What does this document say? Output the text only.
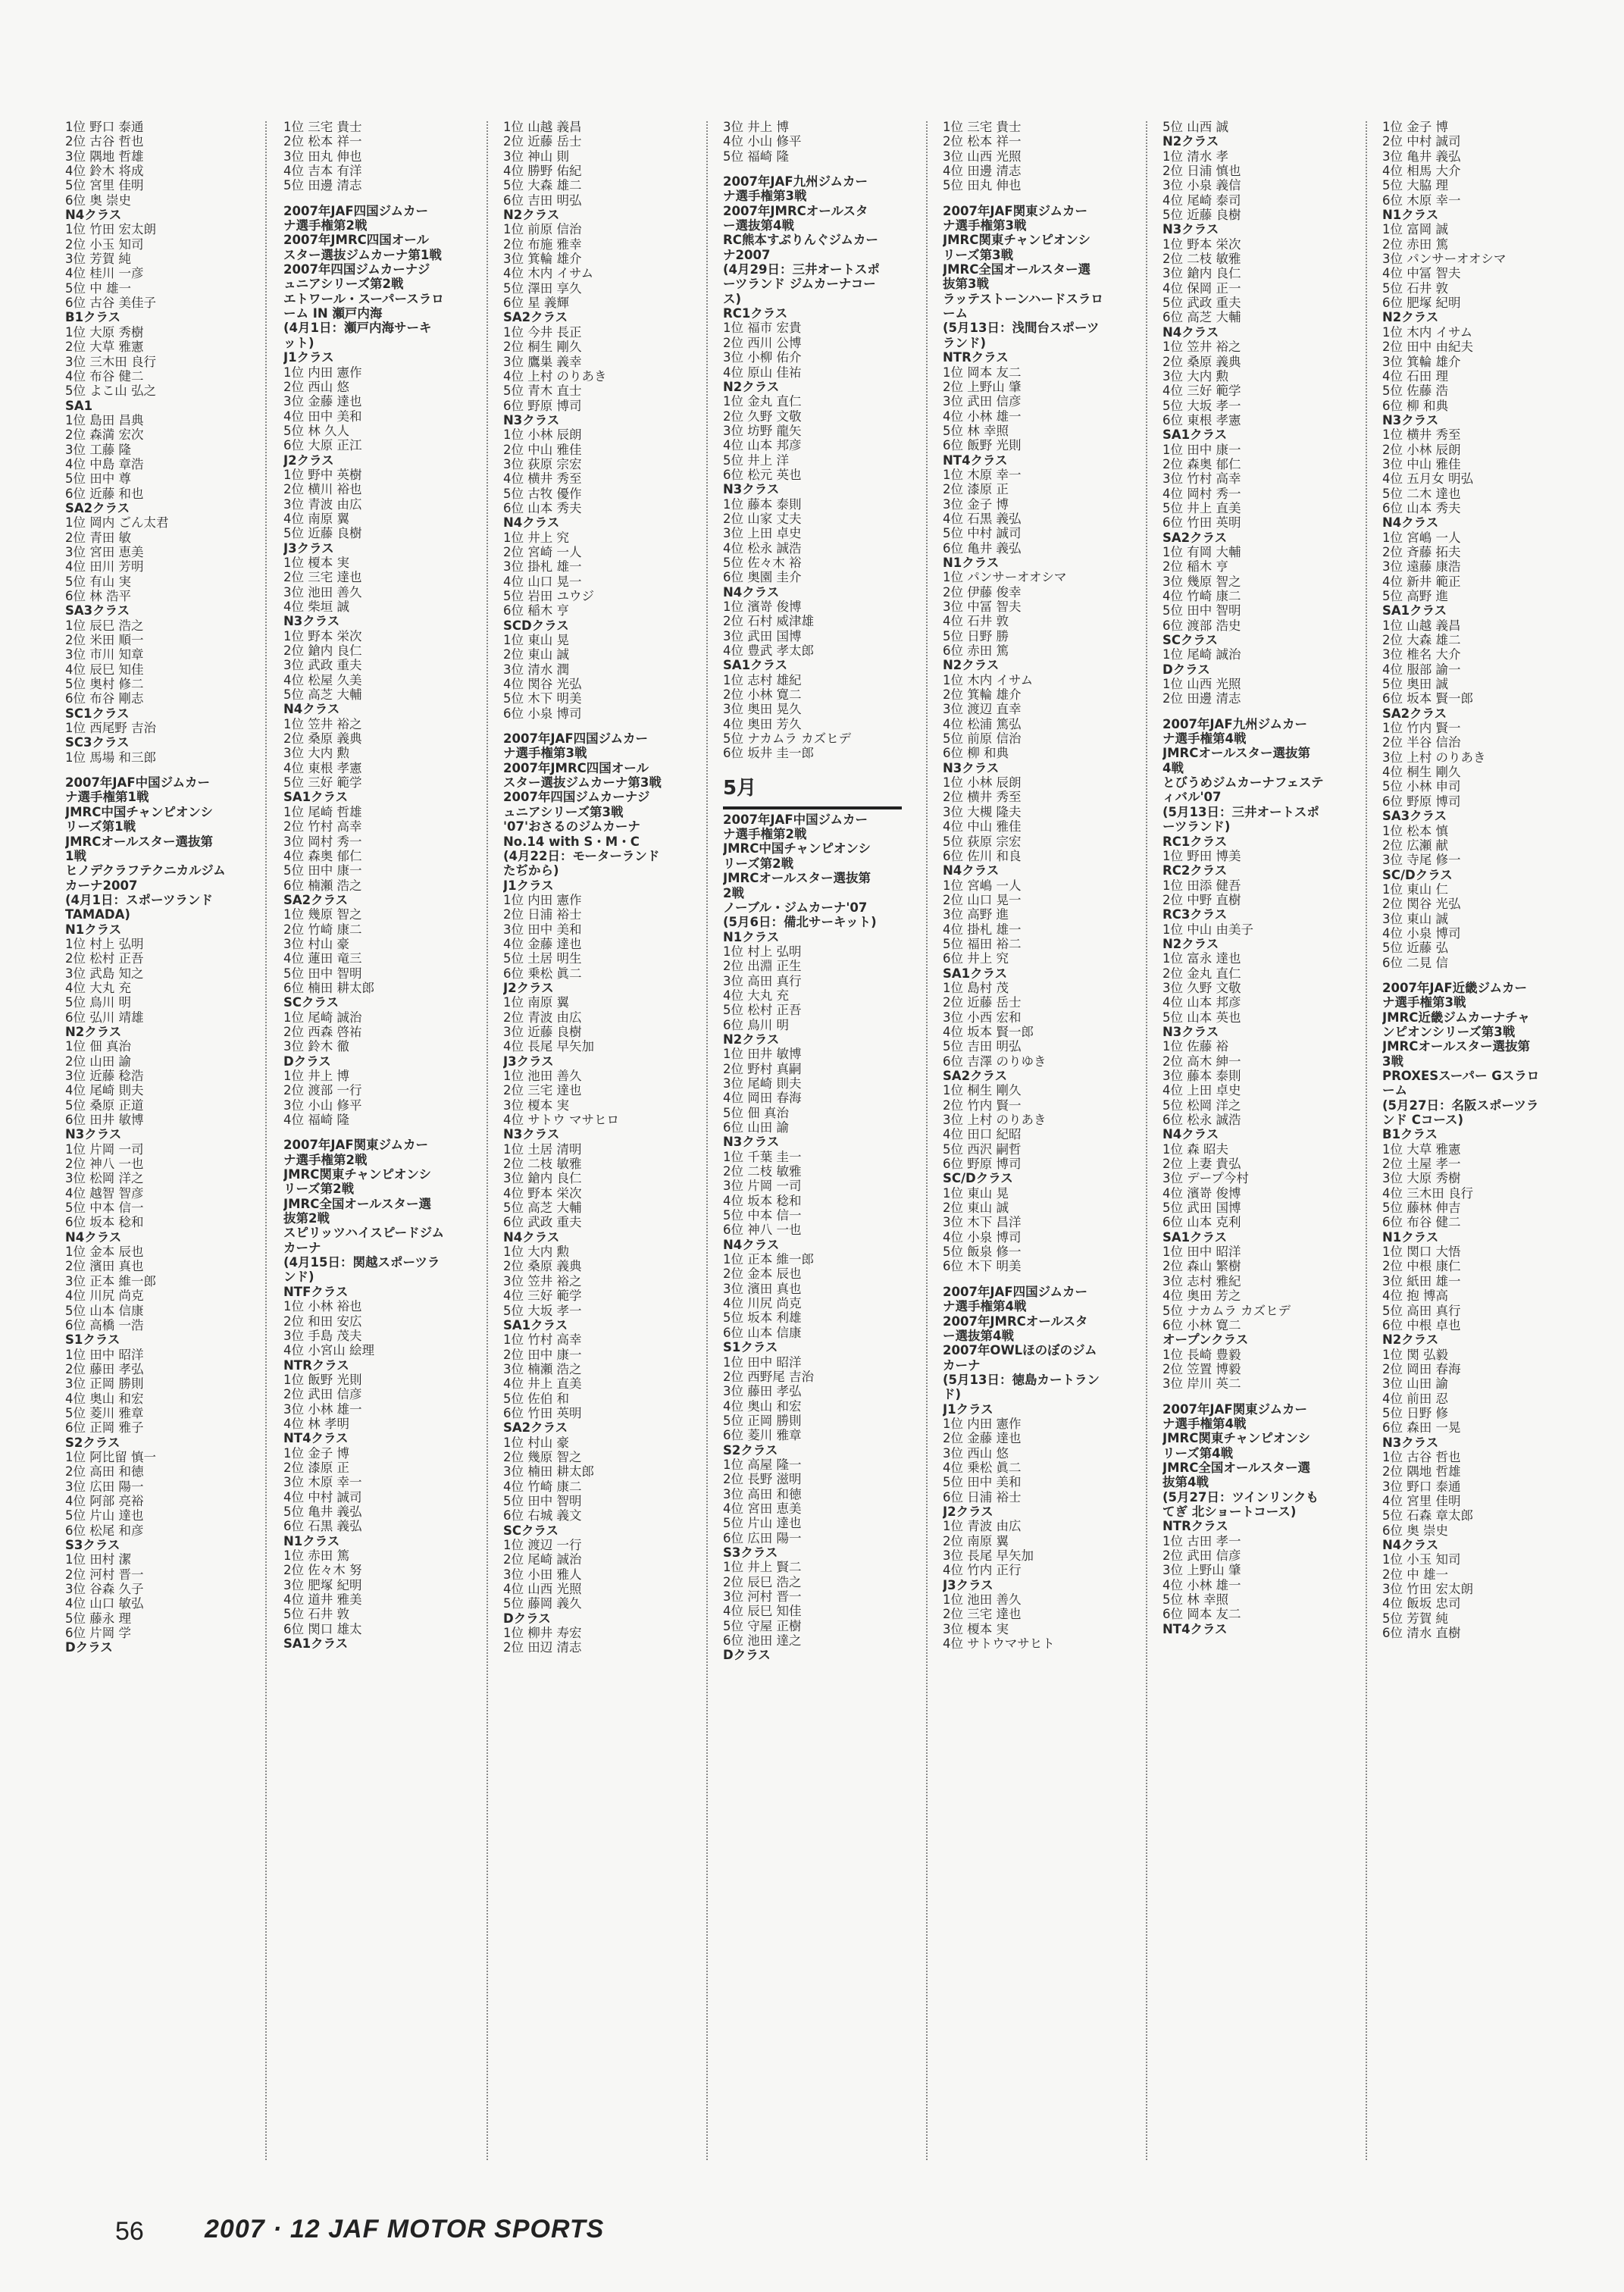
1位 野口 泰通
2位 古谷 哲也
3位 隅地 哲雄
4位 鈴木 将成
5位 宮里 佳明
6位 奥 崇史
N4クラス
1位 竹田 宏太朗
2位 小玉 知司
3位 芳賀 純
4位 桂川 一彦
5位 中 雄一
6位 古谷 美佳子
B1クラス
1位 大原 秀樹
2位 大草 雅憲
3位 三木田 良行
4位 布谷 健二
5位 よこ山 弘之
SA1
1位 島田 昌典
2位 森満 宏次
3位 工藤 隆
4位 中島 章浩
5位 田中 尊
6位 近藤 和也
SA2クラス
1位 岡内 ごん太君
2位 青田 敏
3位 宮田 恵美
4位 田川 芳明
5位 有山 実
6位 林 浩平
SA3クラス
1位 辰巳 浩之
2位 米田 順一
3位 市川 知章
4位 辰巳 知佳
5位 奥村 修二
6位 布谷 剛志
SC1クラス
1位 西尾野 吉治
SC3クラス
1位 馬場 和三郎
2007年JAF中国ジムカー
ナ選手権第1戦
JMRC中国チャンピオンシ
リーズ第1戦
JMRCオールスター選抜第
1戦
ヒノデクラフテクニカルジム
カーナ2007
(4月1日：スポーツランド
TAMADA)
N1クラス
1位 村上 弘明
2位 松村 正吾
3位 武島 知之
4位 大丸 充
5位 鳥川 明
6位 弘川 靖雄
N2クラス
1位 佃 真治
2位 山田 諭
3位 近藤 稔浩
4位 尾崎 則夫
5位 桑原 正道
6位 田井 敏博
N3クラス
1位 片岡 一司
2位 神八 一也
3位 松岡 洋之
4位 越智 智彦
5位 中本 信一
6位 坂本 稔和
N4クラス
1位 金本 辰也
2位 濱田 真也
3位 正本 維一郎
4位 川尻 尚克
5位 山本 信康
6位 高橋 一浩
S1クラス
1位 田中 昭洋
2位 藤田 孝弘
3位 正岡 勝則
4位 奥山 和宏
5位 菱川 雅章
6位 正岡 雅子
S2クラス
1位 阿比留 慎一
2位 高田 和徳
3位 広田 陽一
4位 阿部 亮裕
5位 片山 達也
6位 松尾 和彦
S3クラス
1位 田村 潔
2位 河村 晋一
3位 谷森 久子
4位 山口 敏弘
5位 藤永 理
6位 片岡 学
Dクラス
1位 三宅 貴士
2位 松本 祥一
3位 田丸 伸也
4位 吉本 有洋
5位 田邊 清志
2007年JAF四国ジムカー
ナ選手権第2戦
2007年JMRC四国オール
スター選抜ジムカーナ第1戦
2007年四国ジムカーナジ
ュニアシリーズ第2戦
エトワール・スーパースラロ
ーム IN 瀬戸内海
(4月1日：瀬戸内海サーキ
ット)
J1クラス
1位 内田 憲作
2位 西山 悠
3位 金藤 達也
4位 田中 美和
5位 林 久人
6位 大原 正江
J2クラス
1位 野中 英樹
2位 横川 裕也
3位 青波 由広
4位 南原 翼
5位 近藤 良樹
J3クラス
1位 榎本 実
2位 三宅 達也
3位 池田 善久
4位 柴垣 誠
N3クラス
1位 野本 栄次
2位 鎗内 良仁
3位 武政 重夫
4位 松屋 久美
5位 高芝 大輔
N4クラス
1位 笠井 裕之
2位 桑原 義典
3位 大内 勲
4位 東根 孝憲
5位 三好 範学
SA1クラス
1位 尾崎 哲雄
2位 竹村 高幸
3位 岡村 秀一
4位 森奥 郁仁
5位 田中 康一
6位 楠瀬 浩之
SA2クラス
1位 幾原 智之
2位 竹崎 康二
3位 村山 豪
4位 蓮田 竜三
5位 田中 智明
6位 楠田 耕太郎
SCクラス
1位 尾崎 誠治
2位 西森 啓祐
3位 鈴木 徹
Dクラス
1位 井上 博
2位 渡部 一行
3位 小山 修平
4位 福崎 隆
2007年JAF関東ジムカー
ナ選手権第2戦
JMRC関東チャンピオンシ
リーズ第2戦
JMRC全国オールスター選
抜第2戦
スピリッツハイスピードジム
カーナ
(4月15日：関越スポーツラ
ンド)
NTFクラス
1位 小林 裕也
2位 和田 安広
3位 手島 茂夫
4位 小宮山 絵理
NTRクラス
1位 飯野 光則
2位 武田 信彦
3位 小林 雄一
4位 林 孝明
NT4クラス
1位 金子 博
2位 漆原 正
3位 木原 幸一
4位 中村 誠司
5位 亀井 義弘
6位 石黒 義弘
N1クラス
1位 赤田 篤
2位 佐々木 努
3位 肥塚 紀明
4位 道井 雅美
5位 石井 敦
6位 関口 雄太
SA1クラス
1位 山越 義昌
2位 近藤 岳士
3位 神山 則
4位 勝野 佑紀
5位 大森 雄二
6位 吉田 明弘
N2クラス
1位 前原 信治
2位 布施 雅幸
3位 箕輪 雄介
4位 木内 イサム
5位 澤田 享久
6位 星 義輝
SA2クラス
1位 今井 長正
2位 桐生 剛久
3位 鷹巣 義幸
4位 上村 のりあき
5位 青木 直士
6位 野原 博司
N3クラス
1位 小林 辰朗
2位 中山 雅佳
3位 荻原 宗宏
4位 横井 秀至
5位 古牧 優作
6位 山本 秀夫
N4クラス
1位 井上 究
2位 宮崎 一人
3位 掛札 雄一
4位 山口 晃一
5位 岩田 ユウジ
6位 稲木 亨
SCDクラス
1位 東山 晃
2位 東山 誠
3位 清水 潤
4位 関谷 光弘
5位 木下 明美
6位 小泉 博司
2007年JAF四国ジムカー
ナ選手権第3戦
2007年JMRC四国オール
スター選抜ジムカーナ第3戦
2007年四国ジムカーナジ
ュニアシリーズ第3戦
'07'おさるのジムカーナ
No.14 with S・M・C
(4月22日：モーターランド
たぢから)
J1クラス
1位 内田 憲作
2位 日浦 裕士
3位 田中 美和
4位 金藤 達也
5位 土居 明生
6位 乗松 眞二
J2クラス
1位 南原 翼
2位 青波 由広
3位 近藤 良樹
4位 長尾 早矢加
J3クラス
1位 池田 善久
2位 三宅 達也
3位 榎本 実
4位 サトウ マサヒロ
N3クラス
1位 土居 清明
2位 二枝 敏雅
3位 鎗内 良仁
4位 野本 栄次
5位 高芝 大輔
6位 武政 重夫
N4クラス
1位 大内 勲
2位 桑原 義典
3位 笠井 裕之
4位 三好 範学
5位 大坂 孝一
SA1クラス
1位 竹村 高幸
2位 田中 康一
3位 楠瀬 浩之
4位 井上 直美
5位 佐伯 和
6位 竹田 英明
SA2クラス
1位 村山 豪
2位 幾原 智之
3位 楠田 耕太郎
4位 竹崎 康二
5位 田中 智明
6位 右城 義文
SCクラス
1位 渡辺 一行
2位 尾崎 誠治
3位 小田 雅人
4位 山西 光照
5位 藤岡 義久
Dクラス
1位 柳井 寿宏
2位 田辺 清志
3位 井上 博
4位 小山 修平
5位 福崎 隆
2007年JAF九州ジムカー
ナ選手権第3戦
2007年JMRCオールスタ
ー選抜第4戦
RC熊本すぷりんぐジムカー
ナ2007
(4月29日：三井オートスポ
ーツランド ジムカーナコー
ス)
RC1クラス
1位 福市 宏貴
2位 西川 公博
3位 小柳 佑介
4位 原山 佳祐
N2クラス
1位 金丸 直仁
2位 久野 文敬
3位 坊野 龍矢
4位 山本 邦彦
5位 井上 洋
6位 松元 英也
N3クラス
1位 藤本 泰則
2位 山家 丈夫
3位 上田 卓史
4位 松永 誠浩
5位 佐々木 裕
6位 奥園 圭介
N4クラス
1位 濱嵜 俊博
2位 石村 威津雄
3位 武田 国博
4位 豊武 孝太郎
SA1クラス
1位 志村 雄紀
2位 小林 寛二
3位 奥田 晃久
4位 奥田 芳久
5位 ナカムラ カズヒデ
6位 坂井 圭一郎
5月
2007年JAF中国ジムカー
ナ選手権第2戦
JMRC中国チャンピオンシ
リーズ第2戦
JMRCオールスター選抜第
2戦
ノーブル・ジムカーナ'07
(5月6日：備北サーキット)
N1クラス
1位 村上 弘明
2位 出淵 正生
3位 高田 真行
4位 大丸 充
5位 松村 正吾
6位 鳥川 明
N2クラス
1位 田井 敏博
2位 野村 真嗣
3位 尾崎 則夫
4位 岡田 春海
5位 佃 真治
6位 山田 諭
N3クラス
1位 千葉 圭一
2位 二枝 敏雅
3位 片岡 一司
4位 坂本 稔和
5位 中本 信一
6位 神八 一也
N4クラス
1位 正本 維一郎
2位 金本 辰也
3位 濱田 真也
4位 川尻 尚克
5位 坂本 利雄
6位 山本 信康
S1クラス
1位 田中 昭洋
2位 西野尾 吉治
3位 藤田 孝弘
4位 奥山 和宏
5位 正岡 勝則
6位 菱川 雅章
S2クラス
1位 高屋 隆一
2位 長野 滋明
3位 高田 和徳
4位 宮田 恵美
5位 片山 達也
6位 広田 陽一
S3クラス
1位 井上 賢二
2位 辰巳 浩之
3位 河村 晋一
4位 辰巳 知佳
5位 守屋 正樹
6位 池田 達之
Dクラス
1位 三宅 貴士
2位 松本 祥一
3位 山西 光照
4位 田邊 清志
5位 田丸 伸也
2007年JAF関東ジムカー
ナ選手権第3戦
JMRC関東チャンピオンシ
リーズ第3戦
JMRC全国オールスター選
抜第3戦
ラッテストーンハードスラロ
ーム
(5月13日：浅間台スポーツ
ランド)
NTRクラス
1位 岡本 友二
2位 上野山 肇
3位 武田 信彦
4位 小林 雄一
5位 林 幸照
6位 飯野 光則
NT4クラス
1位 木原 幸一
2位 漆原 正
3位 金子 博
4位 石黒 義弘
5位 中村 誠司
6位 亀井 義弘
N1クラス
1位 パンサーオオシマ
2位 伊藤 俊幸
3位 中冨 智夫
4位 石井 敦
5位 日野 勝
6位 赤田 篤
N2クラス
1位 木内 イサム
2位 箕輪 雄介
3位 渡辺 直幸
4位 松浦 篤弘
5位 前原 信治
6位 柳 和典
N3クラス
1位 小林 辰朗
2位 横井 秀至
3位 大槻 隆夫
4位 中山 雅佳
5位 荻原 宗宏
6位 佐川 和良
N4クラス
1位 宮嶋 一人
2位 山口 晃一
3位 高野 進
4位 掛札 雄一
5位 福田 裕二
6位 井上 究
SA1クラス
1位 島村 茂
2位 近藤 岳士
3位 小西 宏和
4位 坂本 賢一郎
5位 吉田 明弘
6位 吉澤 のりゆき
SA2クラス
1位 桐生 剛久
2位 竹内 賢一
3位 上村 のりあき
4位 田口 紀昭
5位 西沢 嗣哲
6位 野原 博司
SC/Dクラス
1位 東山 晃
2位 東山 誠
3位 木下 昌洋
4位 小泉 博司
5位 飯泉 修一
6位 木下 明美
2007年JAF四国ジムカー
ナ選手権第4戦
2007年JMRCオールスタ
ー選抜第4戦
2007年OWLほのぼのジム
カーナ
(5月13日：徳島カートラン
ド)
J1クラス
1位 内田 憲作
2位 金藤 達也
3位 西山 悠
4位 乗松 眞二
5位 田中 美和
6位 日浦 裕士
J2クラス
1位 青波 由広
2位 南原 翼
3位 長尾 早矢加
4位 竹内 正行
J3クラス
1位 池田 善久
2位 三宅 達也
3位 榎本 実
4位 サトウマサヒト
5位 山西 誠
N2クラス
1位 清水 孝
2位 日浦 慎也
3位 小泉 義信
4位 尾崎 泰司
5位 近藤 良樹
N3クラス
1位 野本 栄次
2位 二枝 敏雅
3位 鎗内 良仁
4位 保岡 正一
5位 武政 重夫
6位 高芝 大輔
N4クラス
1位 笠井 裕之
2位 桑原 義典
3位 大内 勲
4位 三好 範学
5位 大坂 孝一
6位 東根 孝憲
SA1クラス
1位 田中 康一
2位 森奥 郁仁
3位 竹村 高幸
4位 岡村 秀一
5位 井上 直美
6位 竹田 英明
SA2クラス
1位 有岡 大輔
2位 稲木 亨
3位 幾原 智之
4位 竹崎 康二
5位 田中 智明
6位 渡部 浩史
SCクラス
1位 尾崎 誠治
Dクラス
1位 山西 光照
2位 田邊 清志
2007年JAF九州ジムカー
ナ選手権第4戦
JMRCオールスター選抜第
4戦
とびうめジムカーナフェステ
ィバル'07
(5月13日：三井オートスポ
ーツランド)
RC1クラス
1位 野田 博美
RC2クラス
1位 田添 健吾
2位 中野 直樹
RC3クラス
1位 中山 由美子
N2クラス
1位 富永 達也
2位 金丸 直仁
3位 久野 文敬
4位 山本 邦彦
5位 山本 英也
N3クラス
1位 佐藤 裕
2位 高木 紳一
3位 藤本 泰則
4位 上田 卓史
5位 松岡 洋之
6位 松永 誠浩
N4クラス
1位 森 昭夫
2位 上妻 貴弘
3位 デープ今村
4位 濱嵜 俊博
5位 武田 国博
6位 山本 克利
SA1クラス
1位 田中 昭洋
2位 森山 繁樹
3位 志村 雅紀
4位 奥田 芳之
5位 ナカムラ カズヒデ
6位 小林 寛二
オープンクラス
1位 長崎 豊毅
2位 笠置 博毅
3位 岸川 英二
2007年JAF関東ジムカー
ナ選手権第4戦
JMRC関東チャンピオンシ
リーズ第4戦
JMRC全国オールスター選
抜第4戦
(5月27日：ツインリンクも
てぎ 北ショートコース)
NTRクラス
1位 古田 孝一
2位 武田 信彦
3位 上野山 肇
4位 小林 雄一
5位 林 幸照
6位 岡本 友二
NT4クラス
1位 金子 博
2位 中村 誠司
3位 亀井 義弘
4位 相馬 大介
5位 大脇 理
6位 木原 幸一
N1クラス
1位 富岡 誠
2位 赤田 篤
3位 パンサーオオシマ
4位 中冨 智夫
5位 石井 敦
6位 肥塚 紀明
N2クラス
1位 木内 イサム
2位 田中 由紀夫
3位 箕輪 雄介
4位 石田 理
5位 佐藤 浩
6位 柳 和典
N3クラス
1位 横井 秀至
2位 小林 辰朗
3位 中山 雅佳
4位 五月女 明弘
5位 二木 達也
6位 山本 秀夫
N4クラス
1位 宮嶋 一人
2位 斉藤 拓夫
3位 遠藤 康浩
4位 新井 範正
5位 高野 進
SA1クラス
1位 山越 義昌
2位 大森 雄二
3位 椎名 大介
4位 服部 諭一
5位 奥田 誠
6位 坂本 賢一郎
SA2クラス
1位 竹内 賢一
2位 半谷 信治
3位 上村 のりあき
4位 桐生 剛久
5位 小林 申司
6位 野原 博司
SA3クラス
1位 松本 慎
2位 広瀬 献
3位 寺尾 修一
SC/Dクラス
1位 東山 仁
2位 関谷 光弘
3位 東山 誠
4位 小泉 博司
5位 近藤 弘
6位 二見 信
2007年JAF近畿ジムカー
ナ選手権第3戦
JMRC近畿ジムカーナチャ
ンピオンシリーズ第3戦
JMRCオールスター選抜第
3戦
PROXESスーパー Gスラロ
ーム
(5月27日：名阪スポーツラ
ンド Cコース)
B1クラス
1位 大草 雅憲
2位 土屋 孝一
3位 大原 秀樹
4位 三木田 良行
5位 藤林 伸吉
6位 布谷 健二
N1クラス
1位 関口 大悟
2位 中根 康仁
3位 紙田 雄一
4位 抱 博高
5位 高田 真行
6位 中根 卓也
N2クラス
1位 関 弘毅
2位 岡田 春海
3位 山田 諭
4位 前田 忍
5位 日野 修
6位 森田 一晃
N3クラス
1位 古谷 哲也
2位 隅地 哲雄
3位 野口 泰通
4位 宮里 佳明
5位 石森 章太郎
6位 奥 崇史
N4クラス
1位 小玉 知司
2位 中 雄一
3位 竹田 宏太朗
4位 飯坂 忠司
5位 芳賀 純
6位 清水 直樹
56 2007 · 12 JAF MOTOR SPORTS
